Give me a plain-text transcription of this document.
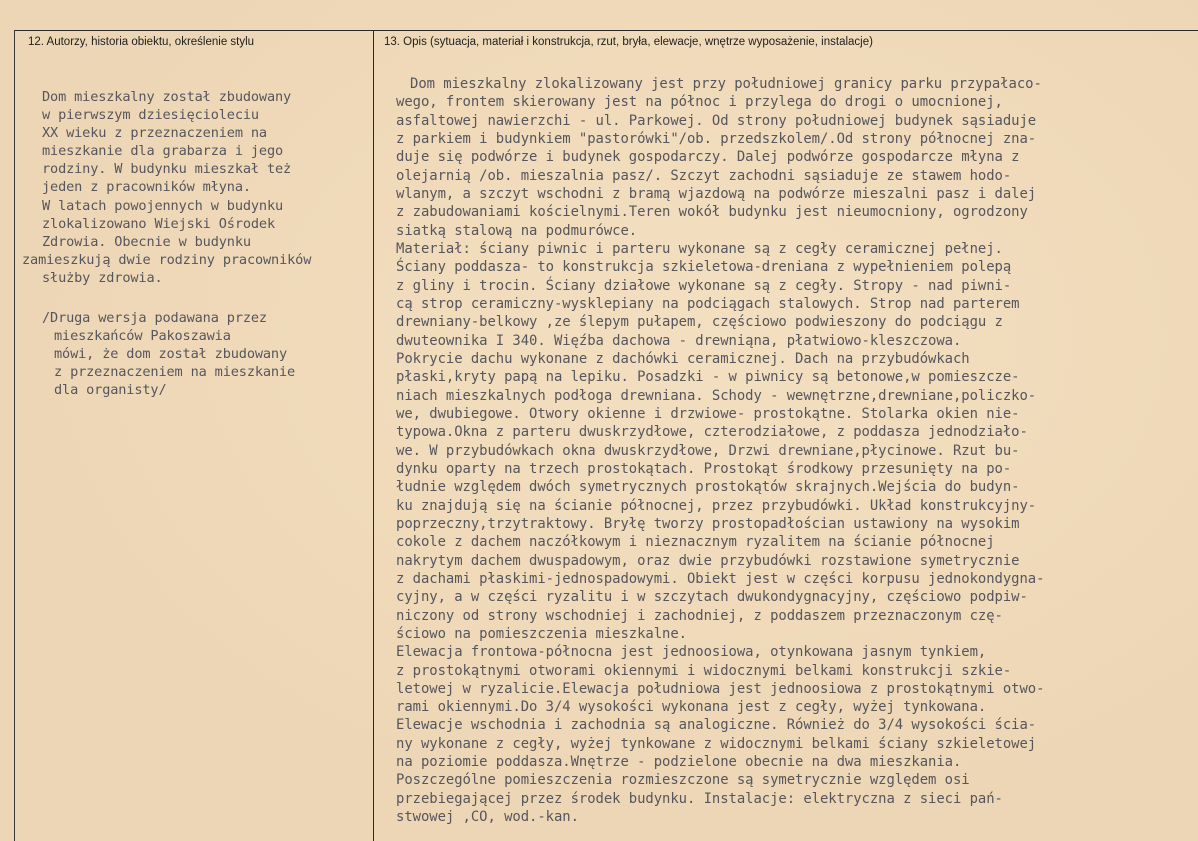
12. Autorzy, historia obiektu, określenie stylu	13. Opis (sytuacja, materiał i konstrukcja, rzut, bryła, elewacje, wnętrze wyposażenie, instalacje)
Dom mieszkalny został zbudowany
w pierwszym dziesięcioleciu
XX wieku z przeznaczeniem na
mieszkanie dla grabarza i jego
rodziny. W budynku mieszkał też
jeden z pracowników młyna.
W latach powojennych w budynku
zlokalizowano Wiejski Ośrodek
Zdrowia. Obecnie w budynku
zamieszkują dwie rodziny pracowników
służby zdrowia.
/Druga wersja podawana przez
mieszkańców Pakoszawia
mówi, że dom został zbudowany
z przeznaczeniem na mieszkanie
dla organisty/
Dom mieszkalny zlokalizowany jest przy południowej granicy parku przypałaco-
wego, frontem skierowany jest na północ i przylega do drogi o umocnionej,
asfaltowej nawierzchi - ul. Parkowej. Od strony południowej budynek sąsiaduje
z parkiem i budynkiem "pastorówki"/ob. przedszkolem/.Od strony północnej zna-
duje się podwórze i budynek gospodarczy. Dalej podwórze gospodarcze młyna z
olejarnią /ob. mieszalnia pasz/. Szczyt zachodni sąsiaduje ze stawem hodo-
wlanym, a szczyt wschodni z bramą wjazdową na podwórze mieszalni pasz i dalej
z zabudowaniami kościelnymi.Teren wokół budynku jest nieumocniony, ogrodzony
siatką stalową na podmurówce.
Materiał: ściany piwnic i parteru wykonane są z cegły ceramicznej pełnej.
Ściany poddasza- to konstrukcja szkieletowa-dreniana z wypełnieniem polepą
z gliny i trocin. Ściany działowe wykonane są z cegły. Stropy - nad piwni-
cą strop ceramiczny-wysklepiany na podciągach stalowych. Strop nad parterem
drewniany-belkowy ,ze ślepym pułapem, częściowo podwieszony do podciągu z
dwuteownika I 340. Więźba dachowa - drewniąna, płatwiowo-kleszczowa.
Pokrycie dachu wykonane z dachówki ceramicznej. Dach na przybudówkach
płaski,kryty papą na lepiku. Posadzki - w piwnicy są betonowe,w pomieszcze-
niach mieszkalnych podłoga drewniana. Schody - wewnętrzne,drewniane,policzko-
we, dwubiegowe. Otwory okienne i drzwiowe- prostokątne. Stolarka okien nie-
typowa.Okna z parteru dwuskrzydłowe, czterodziałowe, z poddasza jednodziało-
we. W przybudówkach okna dwuskrzydłowe, Drzwi drewniane,płycinowe. Rzut bu-
dynku oparty na trzech prostokątach. Prostokąt środkowy przesunięty na po-
łudnie względem dwóch symetrycznych prostokątów skrajnych.Wejścia do budyn-
ku znajdują się na ścianie północnej, przez przybudówki. Układ konstrukcyjny-
poprzeczny,trzytraktowy. Bryłę tworzy prostopadłościan ustawiony na wysokim
cokole z dachem naczółkowym i nieznacznym ryzalitem na ścianie północnej
nakrytym dachem dwuspadowym, oraz dwie przybudówki rozstawione symetrycznie
z dachami płaskimi-jednospadowymi. Obiekt jest w części korpusu jednokondygna-
cyjny, a w części ryzalitu i w szczytach dwukondygnacyjny, częściowo podpiw-
niczony od strony wschodniej i zachodniej, z poddaszem przeznaczonym czę-
ściowo na pomieszczenia mieszkalne.
Elewacja frontowa-północna jest jednoosiowa, otynkowana jasnym tynkiem,
z prostokątnymi otworami okiennymi i widocznymi belkami konstrukcji szkie-
letowej w ryzalicie.Elewacja południowa jest jednoosiowa z prostokątnymi otwo-
rami okiennymi.Do 3/4 wysokości wykonana jest z cegły, wyżej tynkowana.
Elewacje wschodnia i zachodnia są analogiczne. Również do 3/4 wysokości ścia-
ny wykonane z cegły, wyżej tynkowane z widocznymi belkami ściany szkieletowej
na poziomie poddasza.Wnętrze - podzielone obecnie na dwa mieszkania.
Poszczególne pomieszczenia rozmieszczone są symetrycznie względem osi
przebiegającej przez środek budynku. Instalacje: elektryczna z sieci pań-
stwowej ,CO, wod.-kan.
